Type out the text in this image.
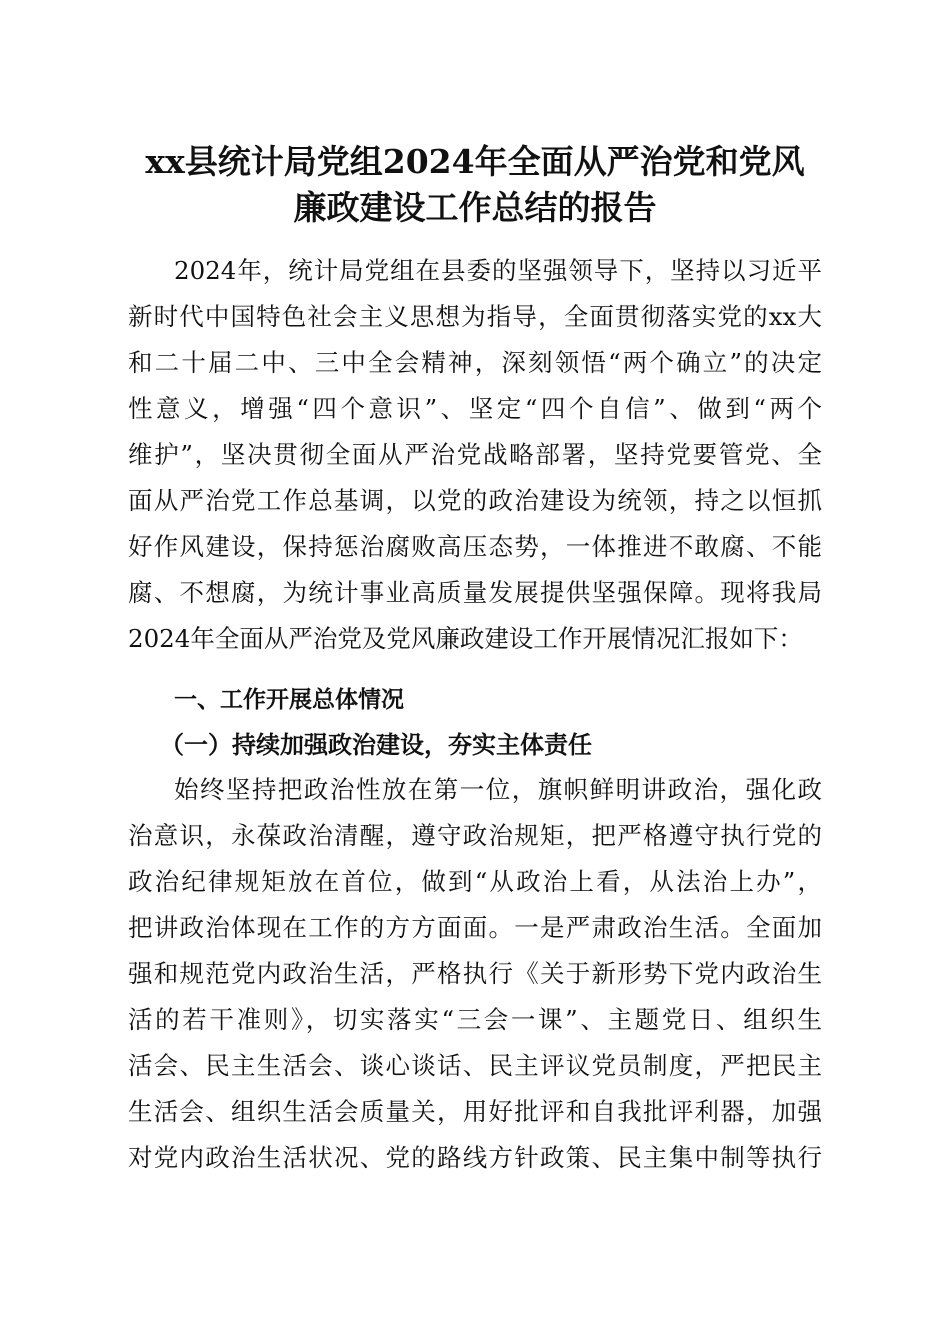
xx县统计局党组2024年全面从严治党和党风
廉政建设工作总结的报告
2024年，统计局党组在县委的坚强领导下，坚持以习近平
新时代中国特色社会主义思想为指导，全面贯彻落实党的xx大
和二十届二中、三中全会精神，深刻领悟“两个确立”的决定
性意义，增强“四个意识”、坚定“四个自信”、做到“两个
维护”，坚决贯彻全面从严治党战略部署，坚持党要管党、全
面从严治党工作总基调，以党的政治建设为统领，持之以恒抓
好作风建设，保持惩治腐败高压态势，一体推进不敢腐、不能
腐、不想腐，为统计事业高质量发展提供坚强保障。现将我局
2024年全面从严治党及党风廉政建设工作开展情况汇报如下：
一、工作开展总体情况
（一）持续加强政治建设，夯实主体责任
始终坚持把政治性放在第一位，旗帜鲜明讲政治，强化政
治意识，永葆政治清醒，遵守政治规矩，把严格遵守执行党的
政治纪律规矩放在首位，做到“从政治上看，从法治上办”，
把讲政治体现在工作的方方面面。一是严肃政治生活。全面加
强和规范党内政治生活，严格执行《关于新形势下党内政治生
活的若干准则》，切实落实“三会一课”、主题党日、组织生
活会、民主生活会、谈心谈话、民主评议党员制度，严把民主
生活会、组织生活会质量关，用好批评和自我批评利器，加强
对党内政治生活状况、党的路线方针政策、民主集中制等执行
